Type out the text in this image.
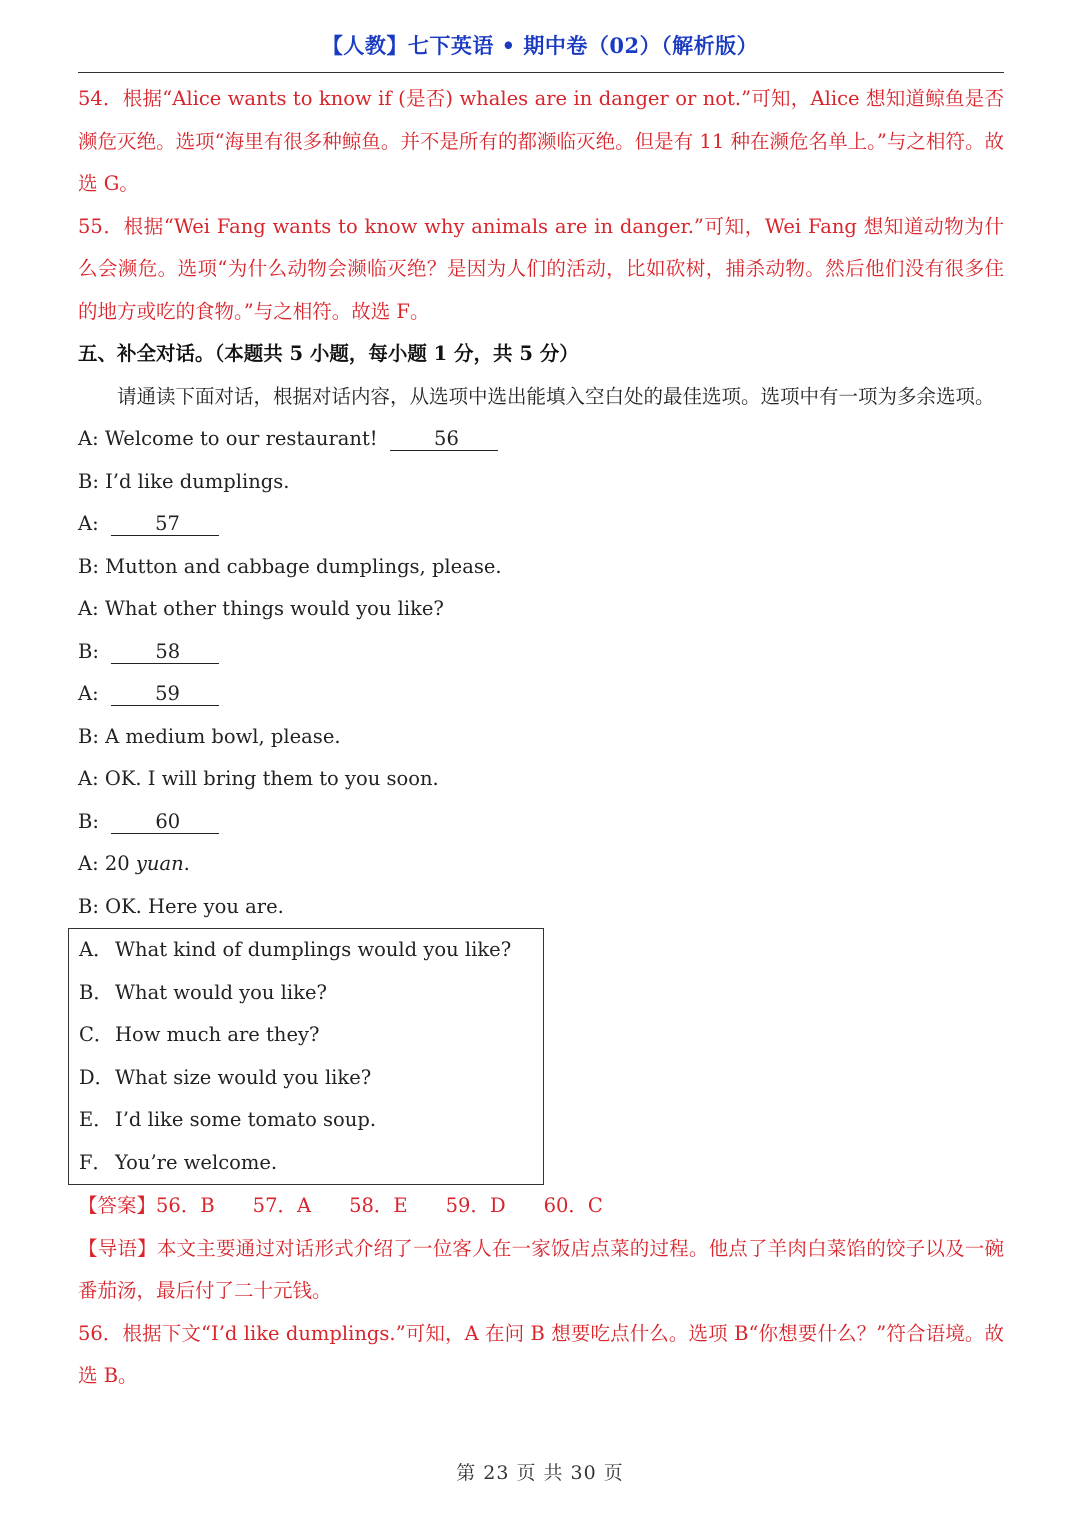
【人教】七下英语 • 期中卷（02）（解析版）

54．根据“Alice wants to know if (是否) whales are in danger or not.”可知，Alice 想知道鲸鱼是否濒危灭绝。选项“海里有很多种鲸鱼。并不是所有的都濒临灭绝。但是有 11 种在濒危名单上。”与之相符。故选 G。

55．根据“Wei Fang wants to know why animals are in danger.”可知，Wei Fang 想知道动物为什么会濒危。选项“为什么动物会濒临灭绝？是因为人们的活动，比如砍树，捕杀动物。然后他们没有很多住的地方或吃的食物。”与之相符。故选 F。

五、补全对话。（本题共 5 小题，每小题 1 分，共 5 分）

请通读下面对话，根据对话内容，从选项中选出能填入空白处的最佳选项。选项中有一项为多余选项。

A: Welcome to our restaurant!	56

B: I’d like dumplings.

A:	57

B: Mutton and cabbage dumplings, please.

A: What other things would you like?

B:	58

A:	59

B: A medium bowl, please.

A: OK. I will bring them to you soon.

B:	60

A: 20 yuan.

B: OK. Here you are.

A． What kind of dumplings would you like?

B． What would you like?

C．How much are they?

D．What size would you like?

E． I’d like some tomato soup.

F． You’re welcome.

【答案】56．B 57．A 58．E 59．D 60．C

【导语】本文主要通过对话形式介绍了一位客人在一家饭店点菜的过程。他点了羊肉白菜馅的饺子以及一碗番茄汤，最后付了二十元钱。

56．根据下文“I’d like dumplings.”可知，A 在问 B 想要吃点什么。选项 B“你想要什么？”符合语境。故选 B。

第 23 页 共 30 页
